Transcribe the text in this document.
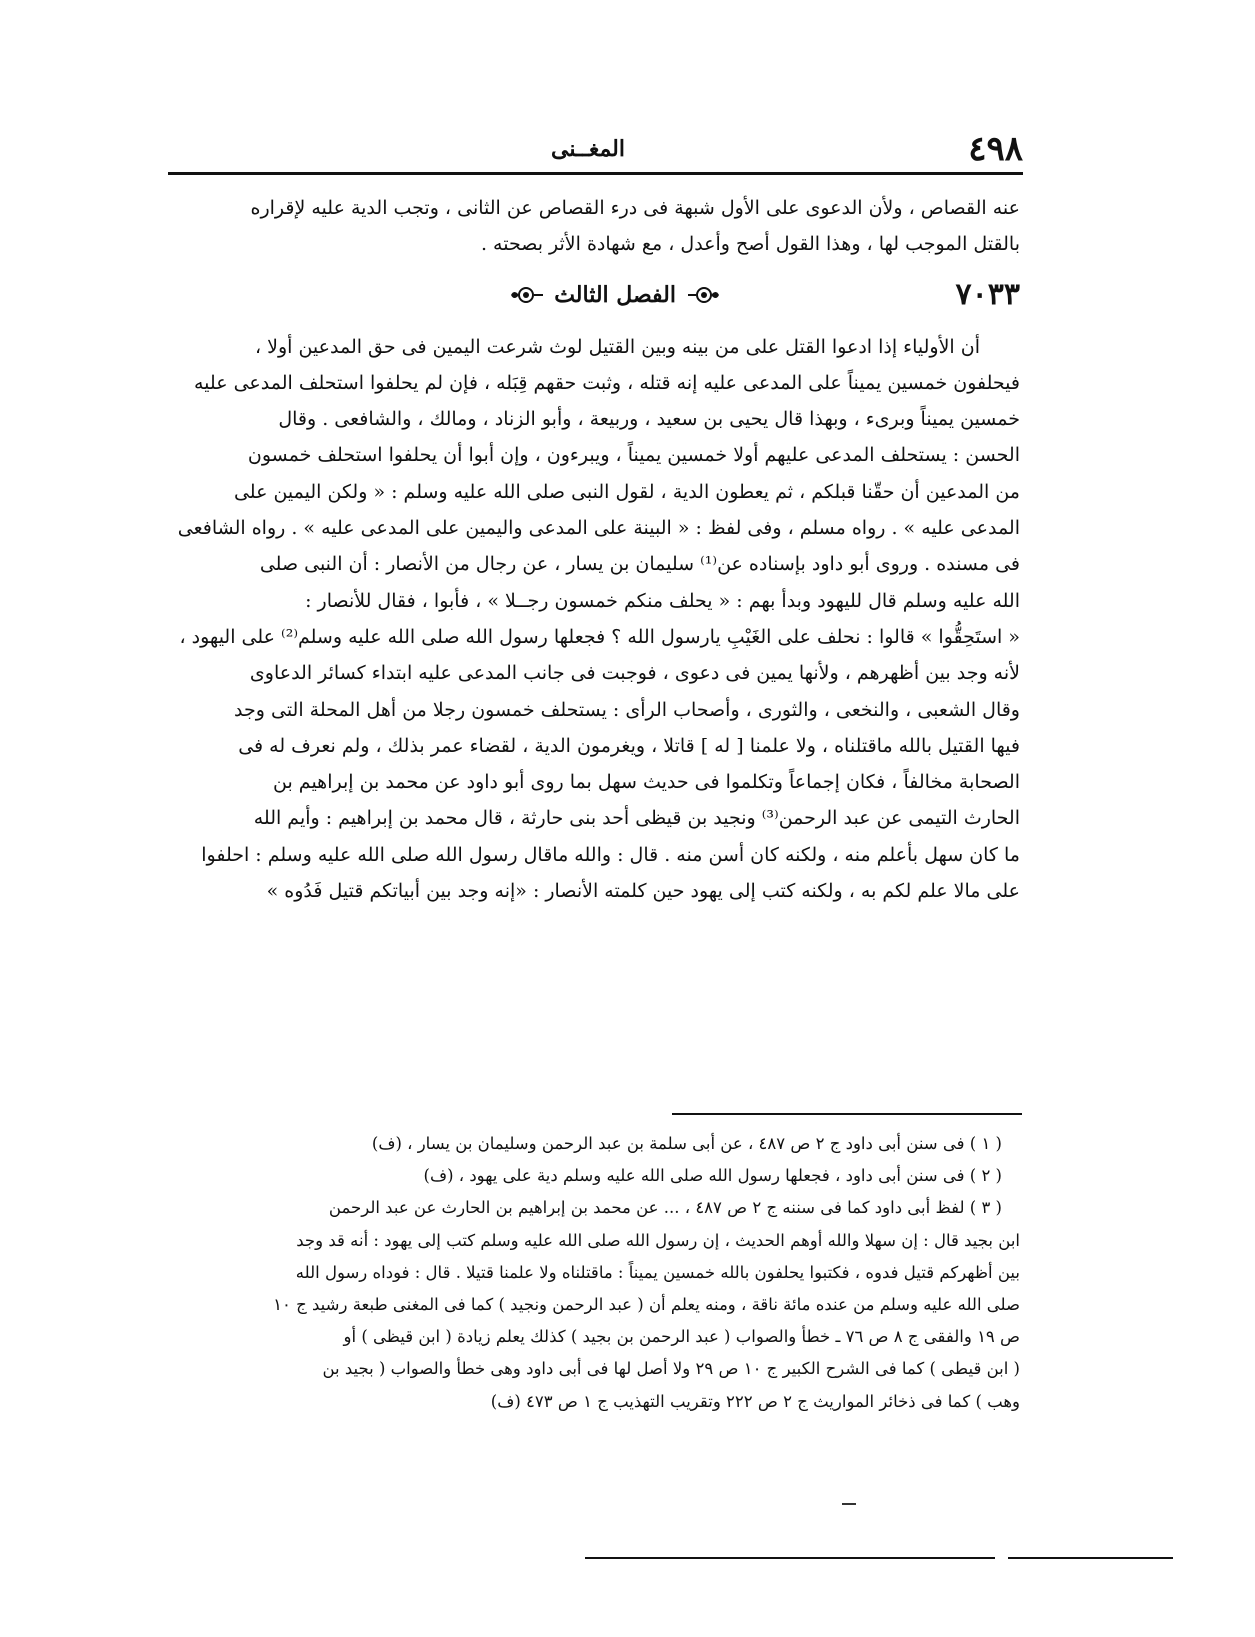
٤٩٨
المغــنى

عنه القصاص ، ولأن الدعوى على الأول شبهة فى درء القصاص عن الثانى ، وتجب الدية عليه لإقراره

بالقتل الموجب لها ، وهذا القول أصح وأعدل ، مع شهادة الأثر بصحته .

٧٠٣٣
الفصل الثالث

أن الأولياء إذا ادعوا القتل على من بينه وبين القتيل لوث شرعت اليمين فى حق المدعين أولا ،

فيحلفون خمسين يميناً على المدعى عليه إنه قتله ، وثبت حقهم قِبَله ، فإن لم يحلفوا استحلف المدعى عليه

خمسين يميناً وبرىء ، وبهذا قال يحيى بن سعيد ، وربيعة ، وأبو الزناد ، ومالك ، والشافعى . وقال

الحسن : يستحلف المدعى عليهم أولا خمسين يميناً ، ويبرءون ، وإن أبوا أن يحلفوا استحلف خمسون

من المدعين أن حقّنا قبلكم ، ثم يعطون الدية ، لقول النبى صلى الله عليه وسلم : « ولكن اليمين على

المدعى عليه » . رواه مسلم ، وفى لفظ : « البينة على المدعى واليمين على المدعى عليه » . رواه الشافعى

فى مسنده . وروى أبو داود بإسناده عن⁽¹⁾ سليمان بن يسار ، عن رجال من الأنصار : أن النبى صلى

الله عليه وسلم قال لليهود وبدأ بهم : « يحلف منكم خمسون رجــلا » ، فأبوا ، فقال للأنصار :

« استَحِقُّوا » قالوا : نحلف على الغَيْبِ يارسول الله ؟ فجعلها رسول الله صلى الله عليه وسلم⁽²⁾ على اليهود ،

لأنه وجد بين أظهرهم ، ولأنها يمين فى دعوى ، فوجبت فى جانب المدعى عليه ابتداء كسائر الدعاوى

وقال الشعبى ، والنخعى ، والثورى ، وأصحاب الرأى : يستحلف خمسون رجلا من أهل المحلة التى وجد

فيها القتيل بالله ماقتلناه ، ولا علمنا [ له ] قاتلا ، ويغرمون الدية ، لقضاء عمر بذلك ، ولم نعرف له فى

الصحابة مخالفاً ، فكان إجماعاً وتكلموا فى حديث سهل بما روى أبو داود عن محمد بن إبراهيم بن

الحارث التيمى عن عبد الرحمن⁽³⁾ ونجيد بن قيظى أحد بنى حارثة ، قال محمد بن إبراهيم : وأيم الله

ما كان سهل بأعلم منه ، ولكنه كان أسن منه . قال : والله ماقال رسول الله صلى الله عليه وسلم : احلفوا

على مالا علم لكم به ، ولكنه كتب إلى يهود حين كلمته الأنصار : «إنه وجد بين أبياتكم قتيل فَدُوه »

( ١ ) فى سنن أبى داود ج ٢ ص ٤٨٧ ، عن أبى سلمة بن عبد الرحمن وسليمان بن يسار ، (ف)

( ٢ ) فى سنن أبى داود ، فجعلها رسول الله صلى الله عليه وسلم دية على يهود ، (ف)

( ٣ ) لفظ أبى داود كما فى سننه ج ٢ ص ٤٨٧ ، ... عن محمد بن إبراهيم بن الحارث عن عبد الرحمن

ابن بجيد قال : إن سهلا والله أوهم الحديث ، إن رسول الله صلى الله عليه وسلم كتب إلى يهود : أنه قد وجد

بين أظهركم قتيل فدوه ، فكتبوا يحلفون بالله خمسين يميناً : ماقتلناه ولا علمنا قتيلا . قال : فوداه رسول الله

صلى الله عليه وسلم من عنده مائة ناقة ، ومنه يعلم أن ( عبد الرحمن ونجيد ) كما فى المغنى طبعة رشيد ج ١٠

ص ١٩ والفقى ج ٨ ص ٧٦ ـ خطأ والصواب ( عبد الرحمن بن بجيد ) كذلك يعلم زيادة ( ابن قيظى ) أو

( ابن قيطى ) كما فى الشرح الكبير ج ١٠ ص ٢٩ ولا أصل لها فى أبى داود وهى خطأ والصواب ( بجيد بن

وهب ) كما فى ذخائر المواريث ج ٢ ص ٢٢٢ وتقريب التهذيب ج ١ ص ٤٧٣ (ف)
